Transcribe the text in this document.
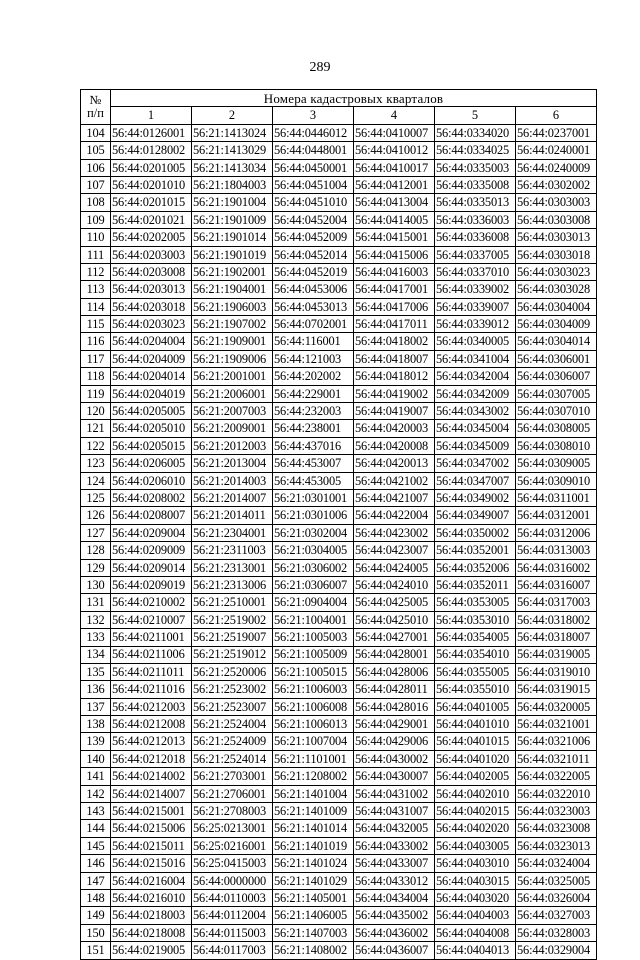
289
№
п/п	Номера кадастровых кварталов					
	1	2	3	4	5	6
104	56:44:0126001	56:21:1413024	56:44:0446012	56:44:0410007	56:44:0334020	56:44:0237001
105	56:44:0128002	56:21:1413029	56:44:0448001	56:44:0410012	56:44:0334025	56:44:0240001
106	56:44:0201005	56:21:1413034	56:44:0450001	56:44:0410017	56:44:0335003	56:44:0240009
107	56:44:0201010	56:21:1804003	56:44:0451004	56:44:0412001	56:44:0335008	56:44:0302002
108	56:44:0201015	56:21:1901004	56:44:0451010	56:44:0413004	56:44:0335013	56:44:0303003
109	56:44:0201021	56:21:1901009	56:44:0452004	56:44:0414005	56:44:0336003	56:44:0303008
110	56:44:0202005	56:21:1901014	56:44:0452009	56:44:0415001	56:44:0336008	56:44:0303013
111	56:44:0203003	56:21:1901019	56:44:0452014	56:44:0415006	56:44:0337005	56:44:0303018
112	56:44:0203008	56:21:1902001	56:44:0452019	56:44:0416003	56:44:0337010	56:44:0303023
113	56:44:0203013	56:21:1904001	56:44:0453006	56:44:0417001	56:44:0339002	56:44:0303028
114	56:44:0203018	56:21:1906003	56:44:0453013	56:44:0417006	56:44:0339007	56:44:0304004
115	56:44:0203023	56:21:1907002	56:44:0702001	56:44:0417011	56:44:0339012	56:44:0304009
116	56:44:0204004	56:21:1909001	56:44:116001	56:44:0418002	56:44:0340005	56:44:0304014
117	56:44:0204009	56:21:1909006	56:44:121003	56:44:0418007	56:44:0341004	56:44:0306001
118	56:44:0204014	56:21:2001001	56:44:202002	56:44:0418012	56:44:0342004	56:44:0306007
119	56:44:0204019	56:21:2006001	56:44:229001	56:44:0419002	56:44:0342009	56:44:0307005
120	56:44:0205005	56:21:2007003	56:44:232003	56:44:0419007	56:44:0343002	56:44:0307010
121	56:44:0205010	56:21:2009001	56:44:238001	56:44:0420003	56:44:0345004	56:44:0308005
122	56:44:0205015	56:21:2012003	56:44:437016	56:44:0420008	56:44:0345009	56:44:0308010
123	56:44:0206005	56:21:2013004	56:44:453007	56:44:0420013	56:44:0347002	56:44:0309005
124	56:44:0206010	56:21:2014003	56:44:453005	56:44:0421002	56:44:0347007	56:44:0309010
125	56:44:0208002	56:21:2014007	56:21:0301001	56:44:0421007	56:44:0349002	56:44:0311001
126	56:44:0208007	56:21:2014011	56:21:0301006	56:44:0422004	56:44:0349007	56:44:0312001
127	56:44:0209004	56:21:2304001	56:21:0302004	56:44:0423002	56:44:0350002	56:44:0312006
128	56:44:0209009	56:21:2311003	56:21:0304005	56:44:0423007	56:44:0352001	56:44:0313003
129	56:44:0209014	56:21:2313001	56:21:0306002	56:44:0424005	56:44:0352006	56:44:0316002
130	56:44:0209019	56:21:2313006	56:21:0306007	56:44:0424010	56:44:0352011	56:44:0316007
131	56:44:0210002	56:21:2510001	56:21:0904004	56:44:0425005	56:44:0353005	56:44:0317003
132	56:44:0210007	56:21:2519002	56:21:1004001	56:44:0425010	56:44:0353010	56:44:0318002
133	56:44:0211001	56:21:2519007	56:21:1005003	56:44:0427001	56:44:0354005	56:44:0318007
134	56:44:0211006	56:21:2519012	56:21:1005009	56:44:0428001	56:44:0354010	56:44:0319005
135	56:44:0211011	56:21:2520006	56:21:1005015	56:44:0428006	56:44:0355005	56:44:0319010
136	56:44:0211016	56:21:2523002	56:21:1006003	56:44:0428011	56:44:0355010	56:44:0319015
137	56:44:0212003	56:21:2523007	56:21:1006008	56:44:0428016	56:44:0401005	56:44:0320005
138	56:44:0212008	56:21:2524004	56:21:1006013	56:44:0429001	56:44:0401010	56:44:0321001
139	56:44:0212013	56:21:2524009	56:21:1007004	56:44:0429006	56:44:0401015	56:44:0321006
140	56:44:0212018	56:21:2524014	56:21:1101001	56:44:0430002	56:44:0401020	56:44:0321011
141	56:44:0214002	56:21:2703001	56:21:1208002	56:44:0430007	56:44:0402005	56:44:0322005
142	56:44:0214007	56:21:2706001	56:21:1401004	56:44:0431002	56:44:0402010	56:44:0322010
143	56:44:0215001	56:21:2708003	56:21:1401009	56:44:0431007	56:44:0402015	56:44:0323003
144	56:44:0215006	56:25:0213001	56:21:1401014	56:44:0432005	56:44:0402020	56:44:0323008
145	56:44:0215011	56:25:0216001	56:21:1401019	56:44:0433002	56:44:0403005	56:44:0323013
146	56:44:0215016	56:25:0415003	56:21:1401024	56:44:0433007	56:44:0403010	56:44:0324004
147	56:44:0216004	56:44:0000000	56:21:1401029	56:44:0433012	56:44:0403015	56:44:0325005
148	56:44:0216010	56:44:0110003	56:21:1405001	56:44:0434004	56:44:0403020	56:44:0326004
149	56:44:0218003	56:44:0112004	56:21:1406005	56:44:0435002	56:44:0404003	56:44:0327003
150	56:44:0218008	56:44:0115003	56:21:1407003	56:44:0436002	56:44:0404008	56:44:0328003
151	56:44:0219005	56:44:0117003	56:21:1408002	56:44:0436007	56:44:0404013	56:44:0329004
